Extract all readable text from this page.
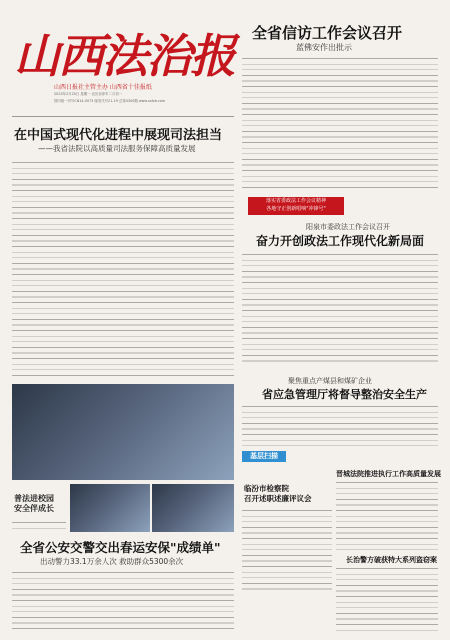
山西法治报
山西日报社主管主办 山西省十佳报纸
2023年2月20日 星期一 农历癸卯年二月初一
国内统一刊号CN14-0073 邮发代号21-19 总第4300期 www.sxfzb.com
全省信访工作会议召开
蓝佛安作出批示
在中国式现代化进程中展现司法担当
——我省法院以高质量司法服务保障高质量发展
落实省委政法工作会议精神
各地守正创新唱响"冲锋号"
阳泉市委政法工作会议召开
奋力开创政法工作现代化新局面
普法进校园
安全伴成长
聚焦重点产煤县和煤矿企业
省应急管理厅将督导整治安全生产
基层扫描
临汾市检察院
召开述职述廉评议会
晋城法院推进执行工作高质量发展
长治警方破获特大系列盗窃案
全省公安交警交出春运安保"成绩单"
出动警力33.1万余人次 救助群众5300余次
